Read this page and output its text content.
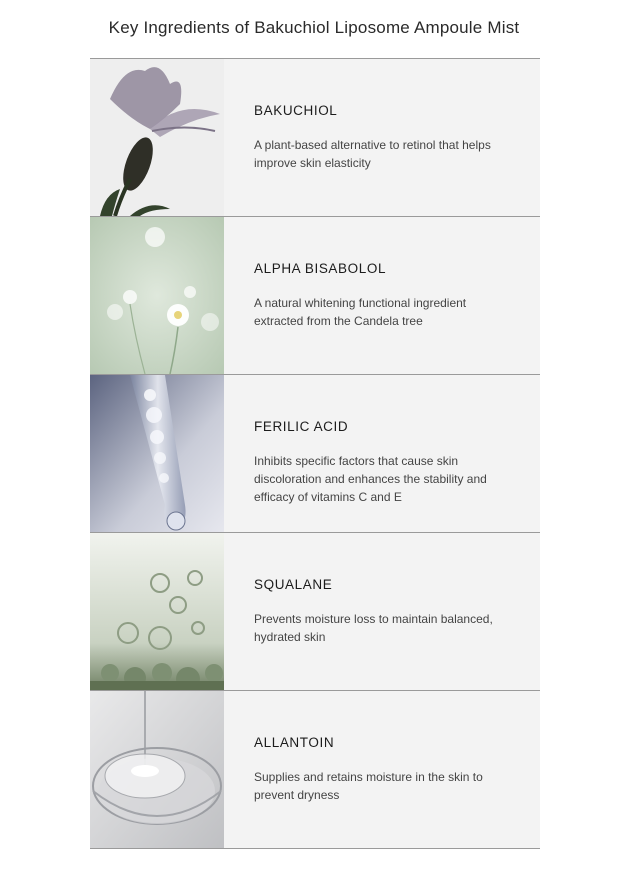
Key Ingredients of Bakuchiol Liposome Ampoule Mist
BAKUCHIOL
A plant-based alternative to retinol that helps improve skin elasticity
ALPHA BISABOLOL
A natural whitening functional ingredient extracted from the Candela tree
FERILIC ACID
Inhibits specific factors that cause skin discoloration and enhances the stability and efficacy of vitamins C and E
SQUALANE
Prevents moisture loss to maintain balanced, hydrated skin
ALLANTOIN
Supplies and retains moisture in the skin to prevent dryness
